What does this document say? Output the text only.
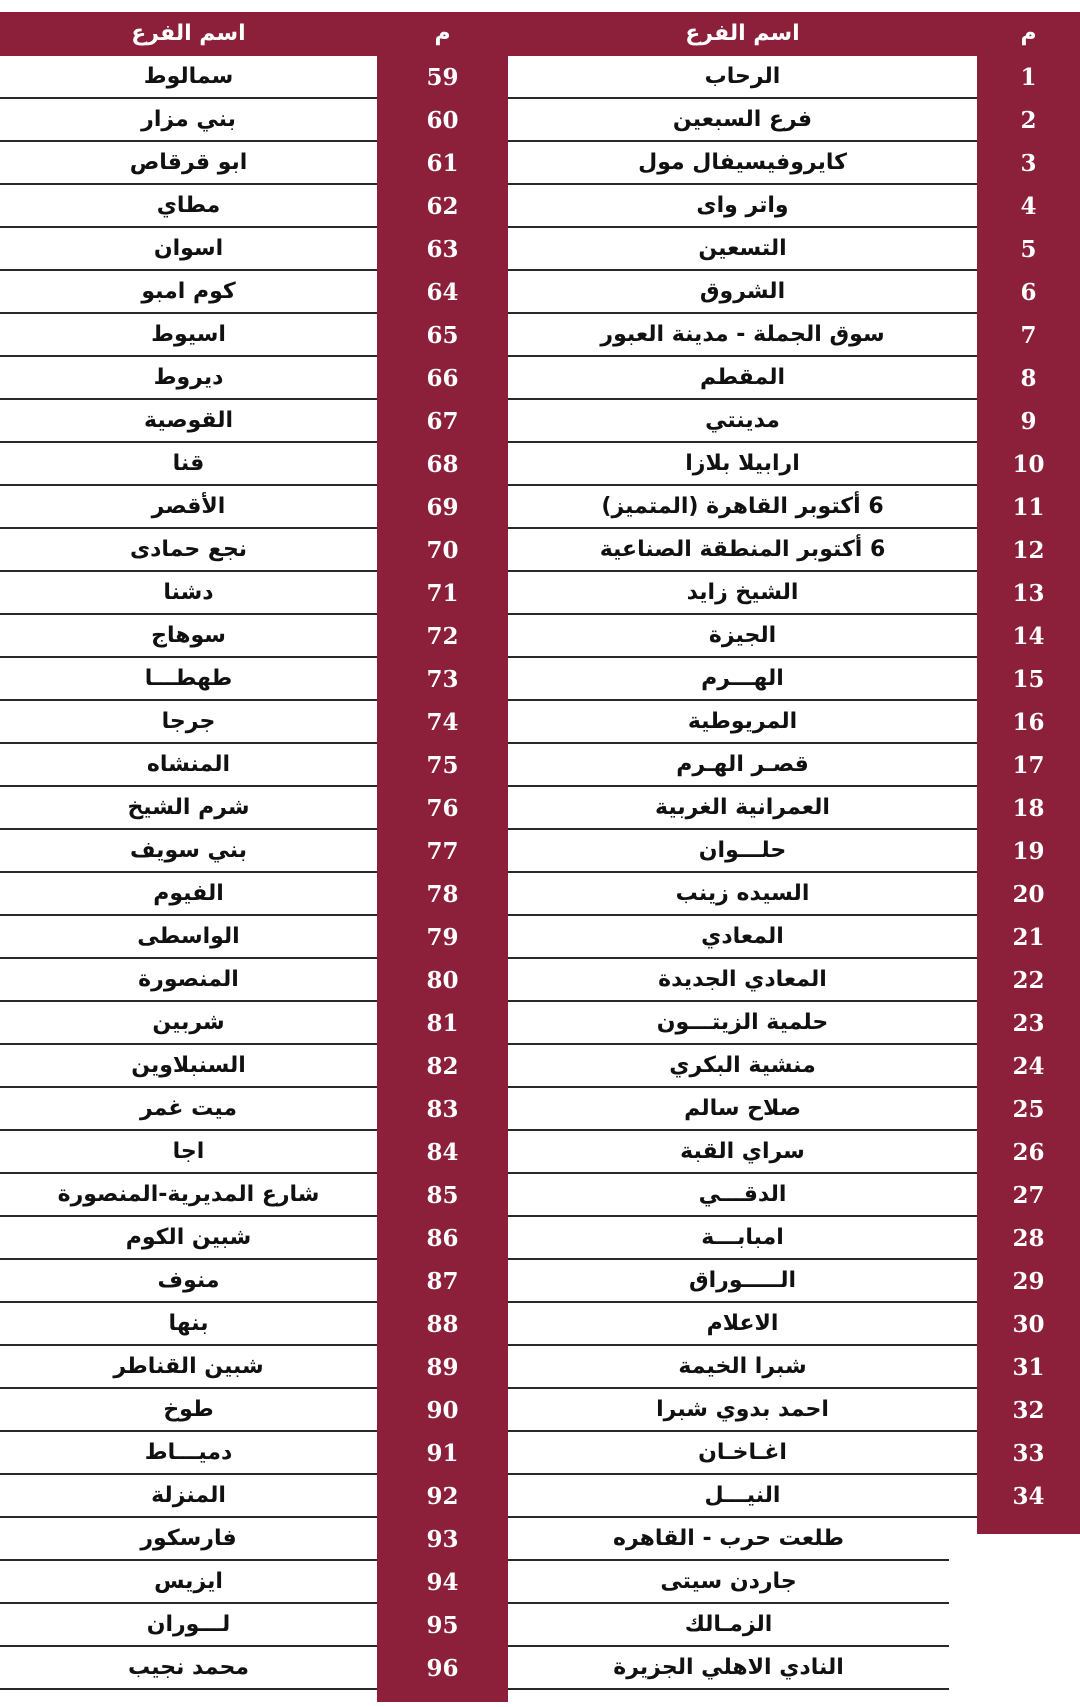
اسم الفرع	م	اسم الفرع	م
الرحاب	1
سمالوط	59
فرع السبعين	2
بني مزار	60
كايروفيسيفال مول	3
ابو قرقاص	61
واتر واى	4
مطاي	62
التسعين	5
اسوان	63
الشروق	6
كوم امبو	64
سوق الجملة - مدينة العبور	7
اسيوط	65
المقطم	8
ديروط	66
مدينتي	9
القوصية	67
ارابيلا بلازا	10
قنا	68
6 أكتوبر القاهرة (المتميز)	11
الأقصر	69
6 أكتوبر المنطقة الصناعية	12
نجع حمادى	70
الشيخ زايد	13
دشنا	71
الجيزة	14
سوهاج	72
الهـــرم	15
طهطـــا	73
المريوطية	16
جرجا	74
قصـر الهـرم	17
المنشاه	75
العمرانية الغربية	18
شرم الشيخ	76
حلـــوان	19
بني سويف	77
السيده زينب	20
الفيوم	78
المعادي	21
الواسطى	79
المعادي الجديدة	22
المنصورة	80
حلمية الزيتـــون	23
شربين	81
منشية البكري	24
السنبلاوين	82
صلاح سالم	25
ميت غمر	83
سراي القبة	26
اجا	84
الدقـــي	27
شارع المديرية-المنصورة	85
امبابـــة	28
شبين الكوم	86
الـــــوراق	29
منوف	87
الاعلام	30
بنها	88
شبرا الخيمة	31
شبين القناطر	89
احمد بدوي شبرا	32
طوخ	90
اغـاخـان	33
دميـــاط	91
النيـــل	34
المنزلة	92
طلعت حرب - القاهره
فارسكور	93
جاردن سيتى
ايزيس	94
الزمـالك
لـــوران	95
النادي الاهلي الجزيرة
محمد نجيب	96
